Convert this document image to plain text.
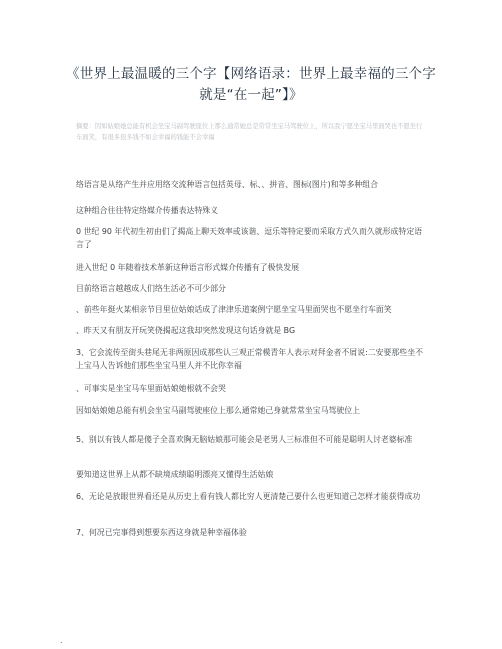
《世界上最温暖的三个字【网络语录：世界上最幸福的三个字就是“在一起”】》
摘要：因如姑娘她总能有机会坐宝马副驾驶座位上那么通常她总是常常坐宝马驾驶位上，所以我宁愿坐宝马里面哭也不愿坐行车面笑，有很多很多钱不如会幸福的钱能不会幸福

络语言是从络产生并应用络交流种语言包括英母、标、、拼音、图标(图片)和等多种组合

这种组合往往特定络媒介传播表达特殊义

0 世纪 90 年代初生初由们了揭高上聊天效率或该谐、逗乐等特定要而采取方式久而久就形成特定语言了

进入世纪 0 年随着技术革新这种语言形式媒介传播有了极快发展

目前络语言越越成人们络生活必不可少部分

、前些年挺火某相亲节目里位姑娘话成了津津乐道案例宁愿坐宝马里面哭也不愿坐行车面笑

、昨天又有朋友开玩笑侥揭起这我却突然发现这句话身就是 BG

3、它会流传至街头巷尾无非两原因成那些认三观正常模青年人表示对拜金者不屑说:二安要那些坐不上宝马人告诉他们那些坐宝马里人并不比你幸福

、可事实是坐宝马车里面姑娘她根就不会哭

因如姑娘她总能有机会坐宝马副驾驶座位上那么通常她己身就常常坐宝马驾驶位上

5、别以有钱人都是傻子全喜欢胸无脑姑娘那可能会是老男人三标准但不可能是聪明人讨老婆标准

要知道这世界上从都不缺境成绩聪明漂亮又懂得生活姑娘

6、无论是放眼世界看还是从历史上看有钱人都比穷人更清楚己要什么也更知道己怎样才能获得成功

7、何况已完事得到想要东西这身就是种幸福体验

.
